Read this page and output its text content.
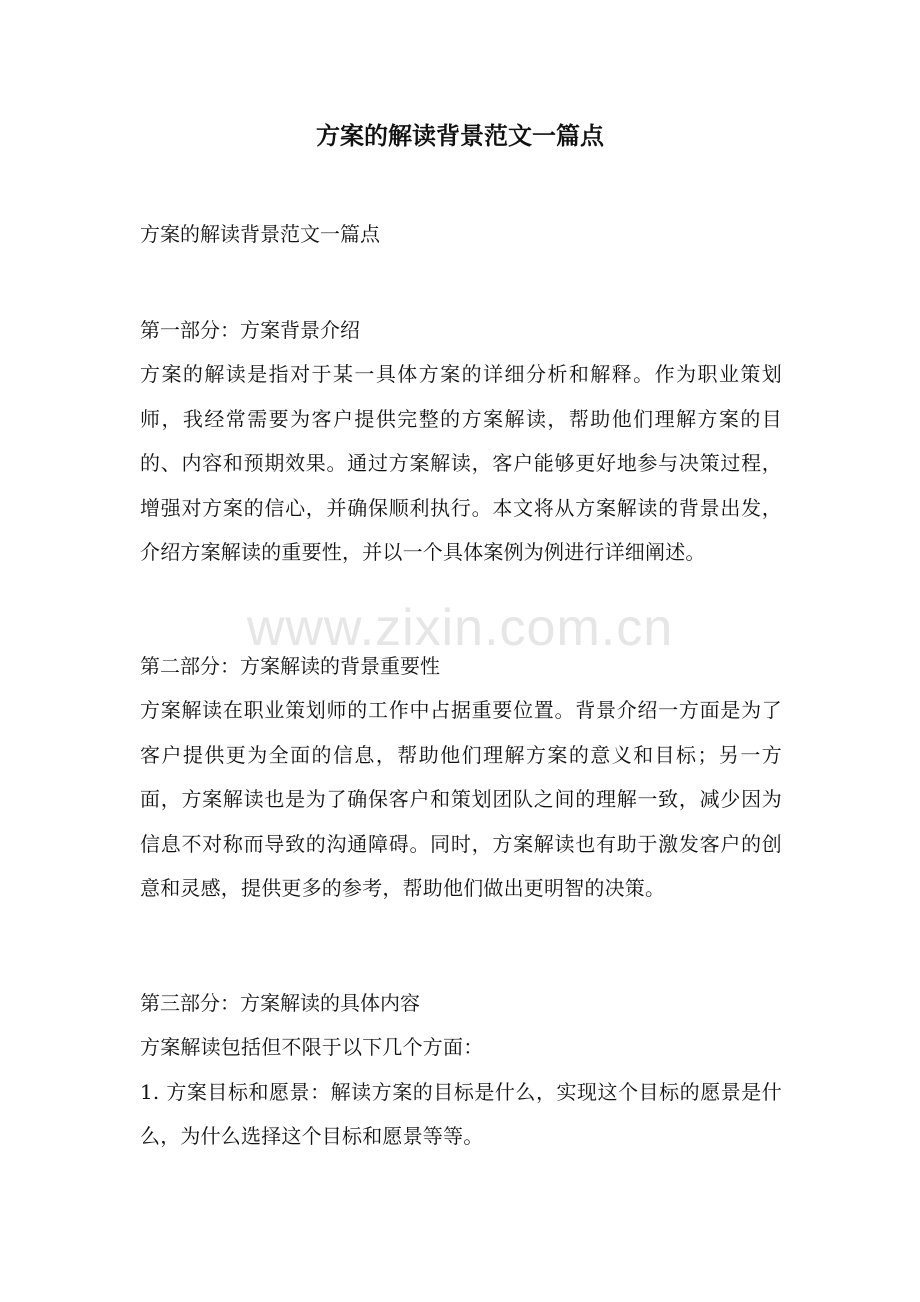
www.zixin.com.cn
方案的解读背景范文一篇点

方案的解读背景范文一篇点

第一部分：方案背景介绍

方案的解读是指对于某一具体方案的详细分析和解释。作为职业策划师，我经常需要为客户提供完整的方案解读，帮助他们理解方案的目的、内容和预期效果。通过方案解读，客户能够更好地参与决策过程，增强对方案的信心，并确保顺利执行。本文将从方案解读的背景出发，介绍方案解读的重要性，并以一个具体案例为例进行详细阐述。

第二部分：方案解读的背景重要性

方案解读在职业策划师的工作中占据重要位置。背景介绍一方面是为了客户提供更为全面的信息，帮助他们理解方案的意义和目标；另一方面，方案解读也是为了确保客户和策划团队之间的理解一致，减少因为信息不对称而导致的沟通障碍。同时，方案解读也有助于激发客户的创意和灵感，提供更多的参考，帮助他们做出更明智的决策。

第三部分：方案解读的具体内容

方案解读包括但不限于以下几个方面：

1. 方案目标和愿景：解读方案的目标是什么，实现这个目标的愿景是什么，为什么选择这个目标和愿景等等。
